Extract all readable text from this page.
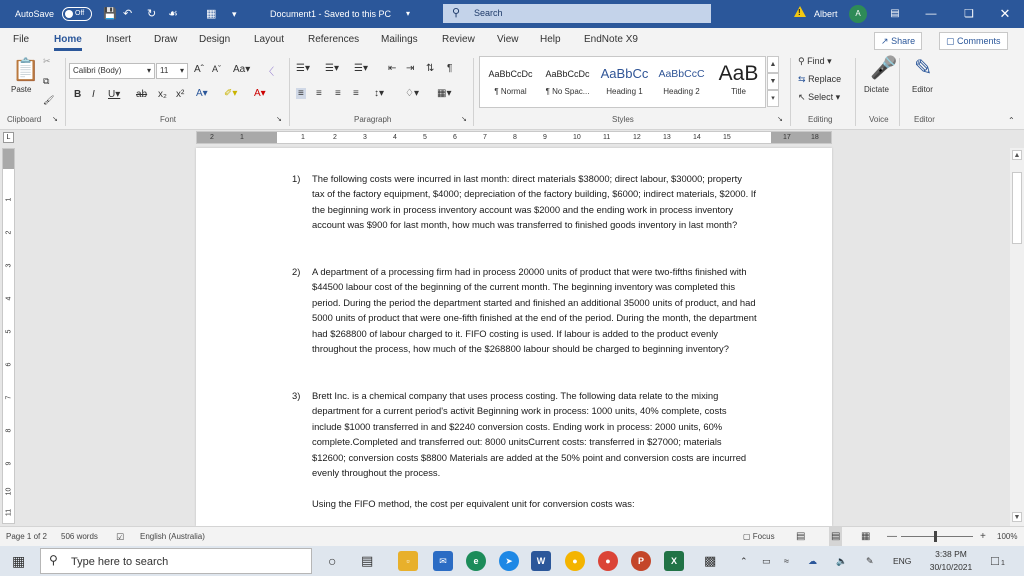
AutoSave	Off 💾 ↶ ↻ ☙	▦ ▾	Document1 - Saved to this PC ▾	⚲ Search	! Albert	A	▤	—	❏	✕
File Home Insert Draw Design Layout References Mailings Review View Help EndNote X9	↗ Share	▢ Comments
📋
Paste
✂
⧉
🖌
Clipboard ↘
Calibri (Body)	▾	11 ▾ Aˆ Aˇ Aa▾ 〈
B I U▾ ab x₂ x² A▾ ✐▾ A▾
Font	↘
☰▾ ☰▾ ☰▾ ⇤ ⇥ ⇅ ¶
≡ ≡ ≡ ≡ ↕▾ ♢▾ ▦▾
Paragraph	↘	Styles	↘
⚲ Find ▾
⇆ Replace
↖ Select ▾
Editing
🎤
Dictate
Voice
✎
Editor
Editor	⌃
AaBbCcDc
¶ Normal
AaBbCcDc
¶ No Spac...
AaBbCc
Heading 1
AaBbCcC
Heading 2
AaB
Title
▲
▼
▾
L	2	1	1	2	3	4	5	6	7	8	9	10	11	12	13	14	15	17	18
1
2
3
4
5
6
7
8
9
10
11
1) The following costs were incurred in last month: direct materials $38000; direct labour, $30000; property tax of the factory equipment, $4000; depreciation of the factory building, $6000; indirect materials, $2000. If the beginning work in process inventory account was $2000 and the ending work in process inventory account was $900 for last month, how much was transferred to finished goods inventory in last month?
2) A department of a processing firm had in process 20000 units of product that were two-fifths finished with $44500 labour cost of the beginning of the current month. The beginning inventory was completed this period. During the period the department started and finished an additional 35000 units of product, and had 5000 units of product that were one-fifth finished at the end of the period. During the month, the department had $268800 of labour charged to it. FIFO costing is used. If labour is added to the product evenly throughout the process, how much of the $268800 labour should be charged to beginning inventory?
3) Brett Inc. is a chemical company that uses process costing. The following data relate to the mixing department for a current period's activit Beginning work in process: 1000 units, 40% complete, costs include $1000 transferred in and $2240 conversion costs. Ending work in process: 2000 units, 60% complete.Completed and transferred out: 8000 unitsCurrent costs: transferred in $27000; materials $12600; conversion costs $8800 Materials are added at the 50% point and conversion costs are incurred evenly throughout the process.
Using the FIFO method, the cost per equivalent unit for conversion costs was:
▲
▼
Page 1 of 2 506 words ☑ English (Australia)	▢ Focus ▤	▤ ▦ —	+ 100%
▦ ⚲ Type here to search	○ ▤	▫	✉	e	➤	W	●	●	P	X	▩	⌃ ▭ ≈ ☁ 🔈 ✎ ENG
3:38 PM
30/10/2021	□ 1
